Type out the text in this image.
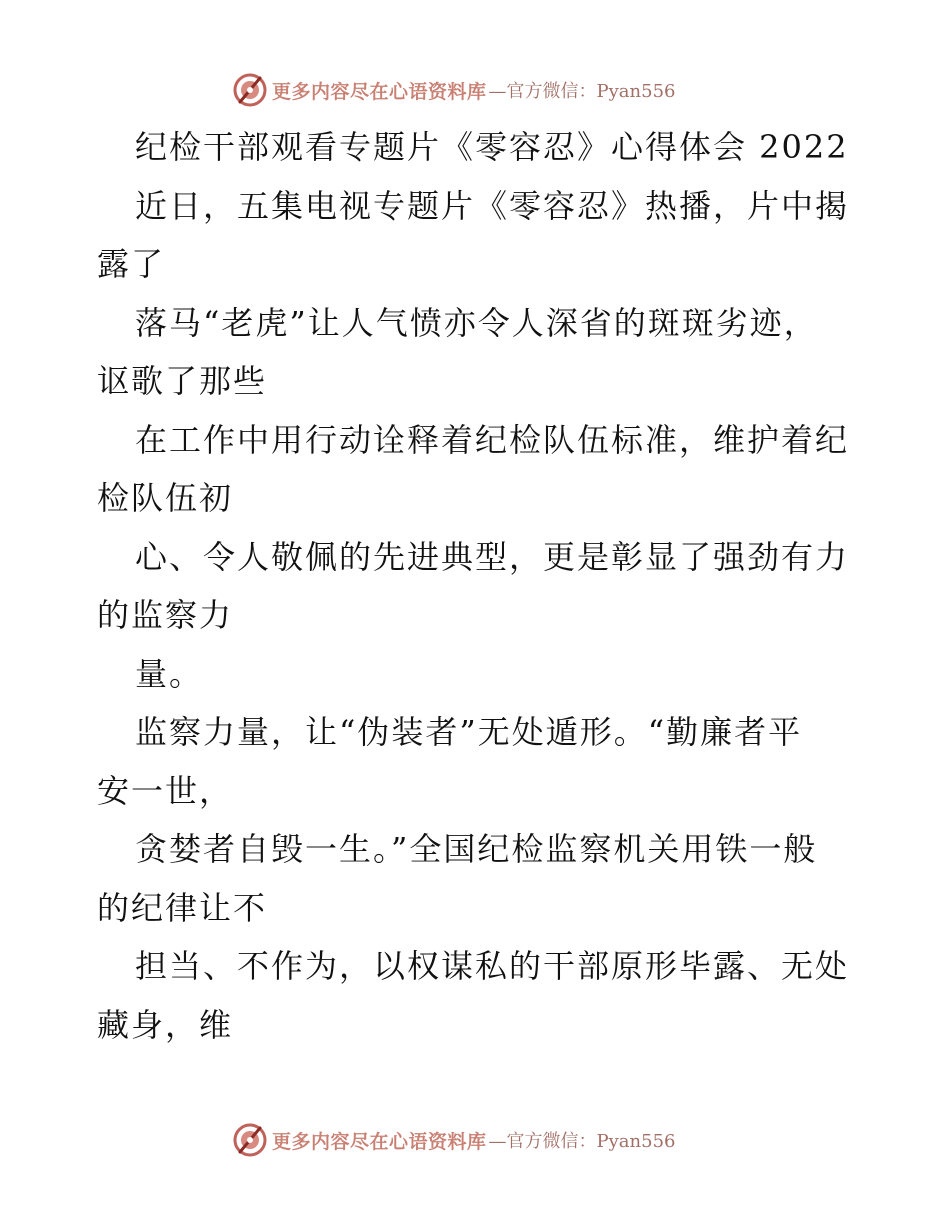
更多内容尽在心语资料库 —官方微信：Pyan556
纪检干部观看专题片《零容忍》心得体会 2022
近日，五集电视专题片《零容忍》热播，片中揭
露了
落马“老虎”让人气愤亦令人深省的斑斑劣迹，
讴歌了那些
在工作中用行动诠释着纪检队伍标准，维护着纪
检队伍初
心、令人敬佩的先进典型，更是彰显了强劲有力
的监察力
量。
监察力量，让“伪装者”无处遁形。“勤廉者平
安一世，
贪婪者自毁一生。”全国纪检监察机关用铁一般
的纪律让不
担当、不作为，以权谋私的干部原形毕露、无处
藏身，维
更多内容尽在心语资料库 —官方微信：Pyan556
